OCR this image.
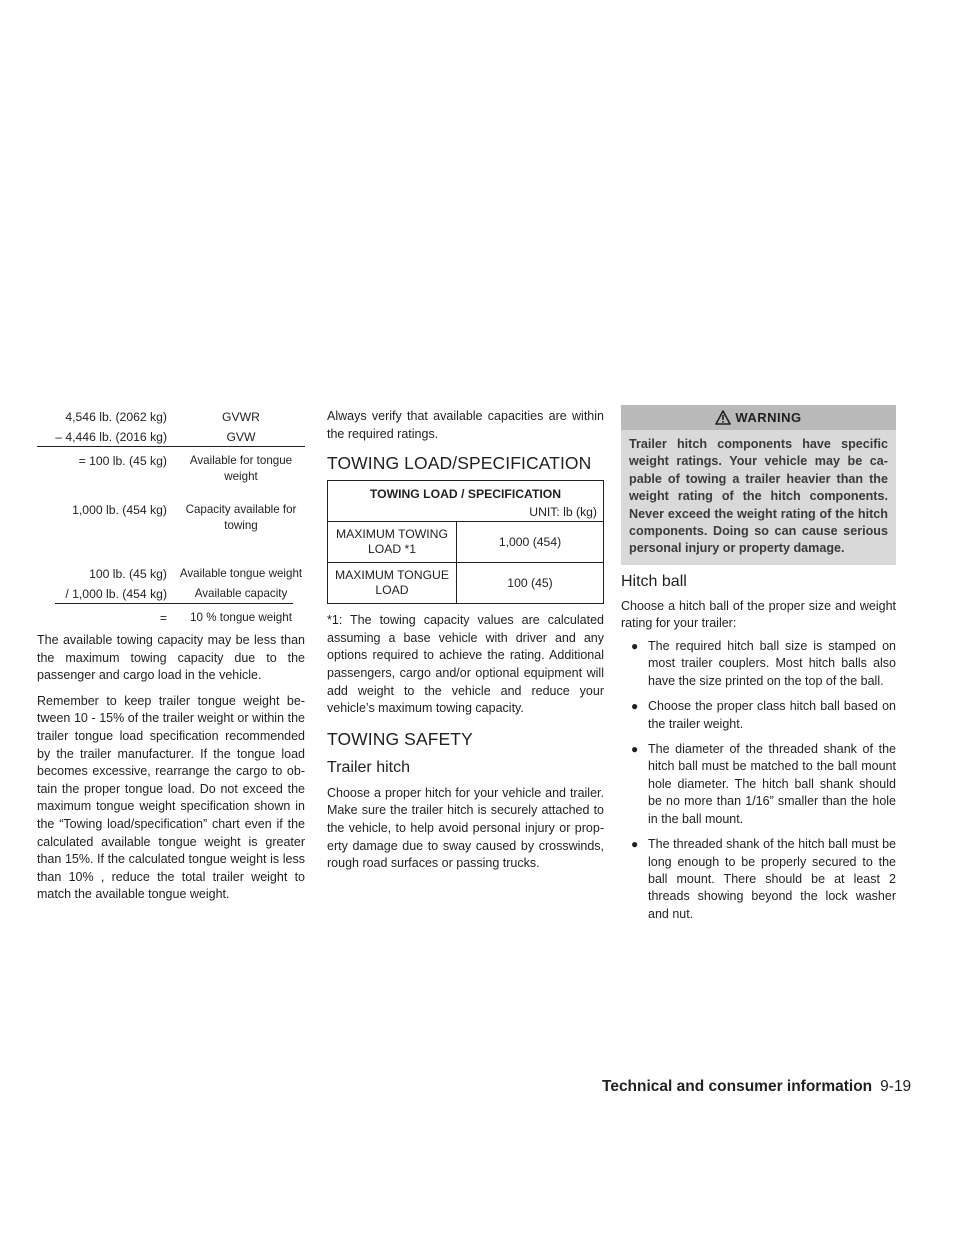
4,546 lb. (2062 kg)	GVWR
– 4,446 lb. (2016 kg)	GVW
= 100 lb. (45 kg)	Available for tongue weight
1,000 lb. (454 kg)	Capacity available for towing
100 lb. (45 kg) Available tongue weight
/ 1,000 lb. (454 kg)	Available capacity
=	10 % tongue weight

The available towing capacity may be less than the maximum towing capacity due to the passenger and cargo load in the vehicle.

Remember to keep trailer tongue weight between 10 - 15% of the trailer weight or within the trailer tongue load specification recommended by the trailer manufacturer. If the tongue load becomes excessive, rearrange the cargo to obtain the proper tongue load. Do not exceed the maximum tongue weight specification shown in the “Towing load/specification” chart even if the calculated available tongue weight is greater than 15%. If the calculated tongue weight is less than 10% , reduce the total trailer weight to match the available tongue weight.

Always verify that available capacities are within the required ratings.

TOWING LOAD/SPECIFICATION
TOWING LOAD / SPECIFICATION
UNIT: lb (kg)	

MAXIMUM TOWING LOAD *1	1,000 (454)
MAXIMUM TONGUE LOAD	100 (45)

*1: The towing capacity values are calculated assuming a base vehicle with driver and any options required to achieve the rating. Additional passengers, cargo and/or optional equipment will add weight to the vehicle and reduce your vehicle’s maximum towing capacity.

TOWING SAFETY
Trailer hitch

Choose a proper hitch for your vehicle and trailer. Make sure the trailer hitch is securely attached to the vehicle, to help avoid personal injury or property damage due to sway caused by crosswinds, rough road surfaces or passing trucks.

WARNING
Trailer hitch components have specific weight ratings. Your vehicle may be capable of towing a trailer heavier than the weight rating of the hitch components. Never exceed the weight rating of the hitch components. Doing so can cause serious personal injury or property damage.
Hitch ball

Choose a hitch ball of the proper size and weight rating for your trailer:

● The required hitch ball size is stamped on most trailer couplers. Most hitch balls also have the size printed on the top of the ball.
● Choose the proper class hitch ball based on the trailer weight.
● The diameter of the threaded shank of the hitch ball must be matched to the ball mount hole diameter. The hitch ball shank should be no more than 1/16” smaller than the hole in the ball mount.
● The threaded shank of the hitch ball must be long enough to be properly secured to the ball mount. There should be at least 2 threads showing beyond the lock washer and nut.
Technical and consumer information 9-19
